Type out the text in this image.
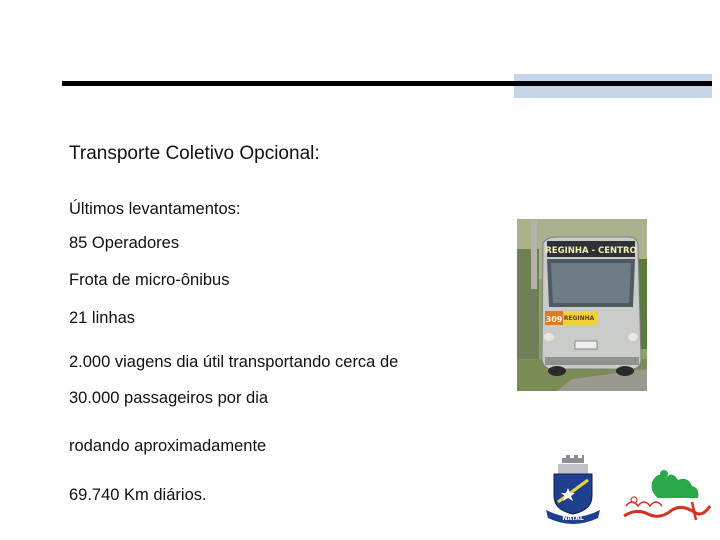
Transporte Coletivo Opcional:
Últimos levantamentos:
85 Operadores
Frota de micro-ônibus
21 linhas
2.000 viagens dia útil transportando cerca de
30.000 passageiros por dia
rodando aproximadamente
69.740 Km diários.
REGINHA - CENTRO
309 REGINHA
NATAL
